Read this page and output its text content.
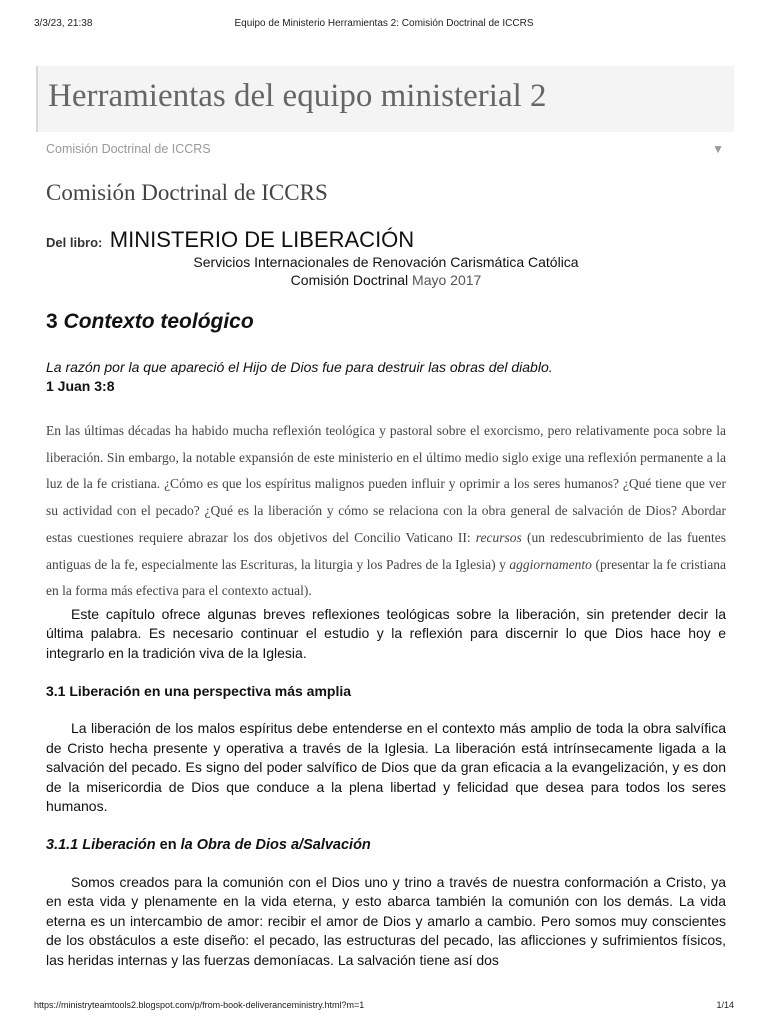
3/3/23, 21:38	Equipo de Ministerio Herramientas 2: Comisión Doctrinal de ICCRS
Herramientas del equipo ministerial 2
Comisión Doctrinal de ICCRS	▼
Comisión Doctrinal de ICCRS
Del libro: MINISTERIO DE LIBERACIÓN
Servicios Internacionales de Renovación Carismática Católica
Comisión Doctrinal Mayo 2017
3 Contexto teológico
La razón por la que apareció el Hijo de Dios fue para destruir las obras del diablo.
1 Juan 3:8

En las últimas décadas ha habido mucha reflexión teológica y pastoral sobre el exorcismo, pero relativamente poca sobre la liberación. Sin embargo, la notable expansión de este ministerio en el último medio siglo exige una reflexión permanente a la luz de la fe cristiana. ¿Cómo es que los espíritus malignos pueden influir y oprimir a los seres humanos? ¿Qué tiene que ver su actividad con el pecado? ¿Qué es la liberación y cómo se relaciona con la obra general de salvación de Dios? Abordar estas cuestiones requiere abrazar los dos objetivos del Concilio Vaticano II: recursos (un redescubrimiento de las fuentes antiguas de la fe, especialmente las Escrituras, la liturgia y los Padres de la Iglesia) y aggiornamento (presentar la fe cristiana en la forma más efectiva para el contexto actual).

Este capítulo ofrece algunas breves reflexiones teológicas sobre la liberación, sin pretender decir la última palabra. Es necesario continuar el estudio y la reflexión para discernir lo que Dios hace hoy e integrarlo en la tradición viva de la Iglesia.

3.1 Liberación en una perspectiva más amplia

La liberación de los malos espíritus debe entenderse en el contexto más amplio de toda la obra salvífica de Cristo hecha presente y operativa a través de la Iglesia. La liberación está intrínsecamente ligada a la salvación del pecado. Es signo del poder salvífico de Dios que da gran eficacia a la evangelización, y es don de la misericordia de Dios que conduce a la plena libertad y felicidad que desea para todos los seres humanos.

3.1.1 Liberación en la Obra de Dios a/Salvación

Somos creados para la comunión con el Dios uno y trino a través de nuestra conformación a Cristo, ya en esta vida y plenamente en la vida eterna, y esto abarca también la comunión con los demás. La vida eterna es un intercambio de amor: recibir el amor de Dios y amarlo a cambio. Pero somos muy conscientes de los obstáculos a este diseño: el pecado, las estructuras del pecado, las aflicciones y sufrimientos físicos, las heridas internas y las fuerzas demoníacas. La salvación tiene así dos

https://ministryteamtools2.blogspot.com/p/from-book-deliveranceministry.html?m=1	1/14
